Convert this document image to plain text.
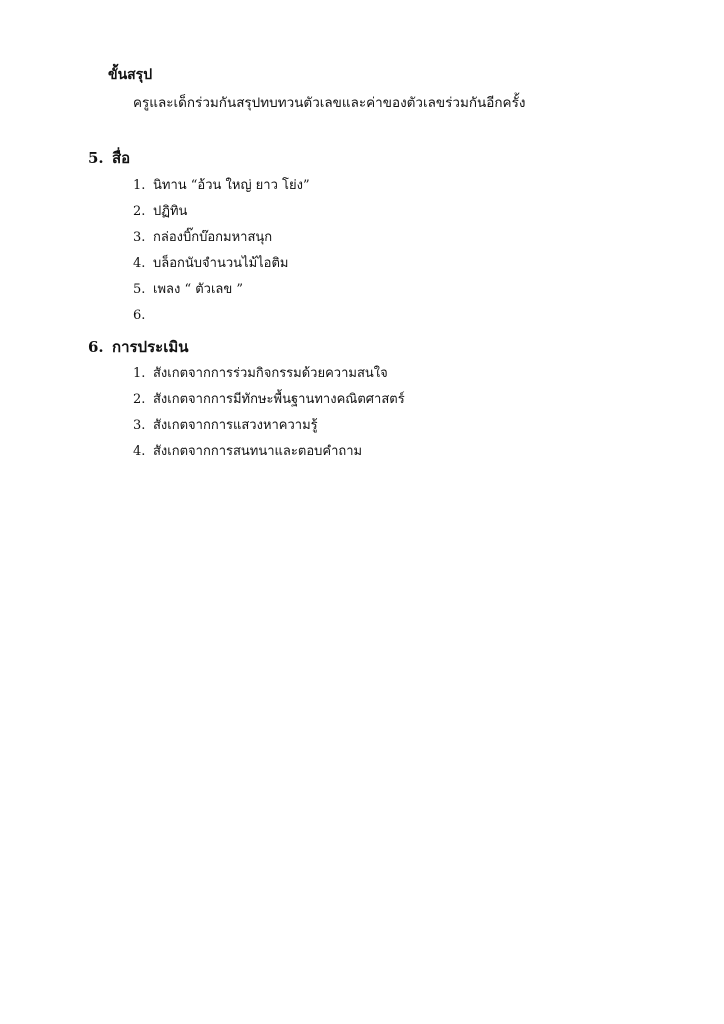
ขั้นสรุป
ครูและเด็กร่วมกันสรุปทบทวนตัวเลขและค่าของตัวเลขร่วมกันอีกครั้ง
5. สื่อ
1. นิทาน “อ้วน ใหญ่ ยาว โย่ง”
2. ปฏิทิน
3. กล่องบิ๊กบ๊อกมหาสนุก
4. บล็อกนับจำนวนไม้ไอติม
5. เพลง “ ตัวเลข ”
6.
6. การประเมิน
1. สังเกตจากการร่วมกิจกรรมด้วยความสนใจ
2. สังเกตจากการมีทักษะพื้นฐานทางคณิตศาสตร์
3. สังเกตจากการแสวงหาความรู้
4. สังเกตจากการสนทนาและตอบคำถาม
